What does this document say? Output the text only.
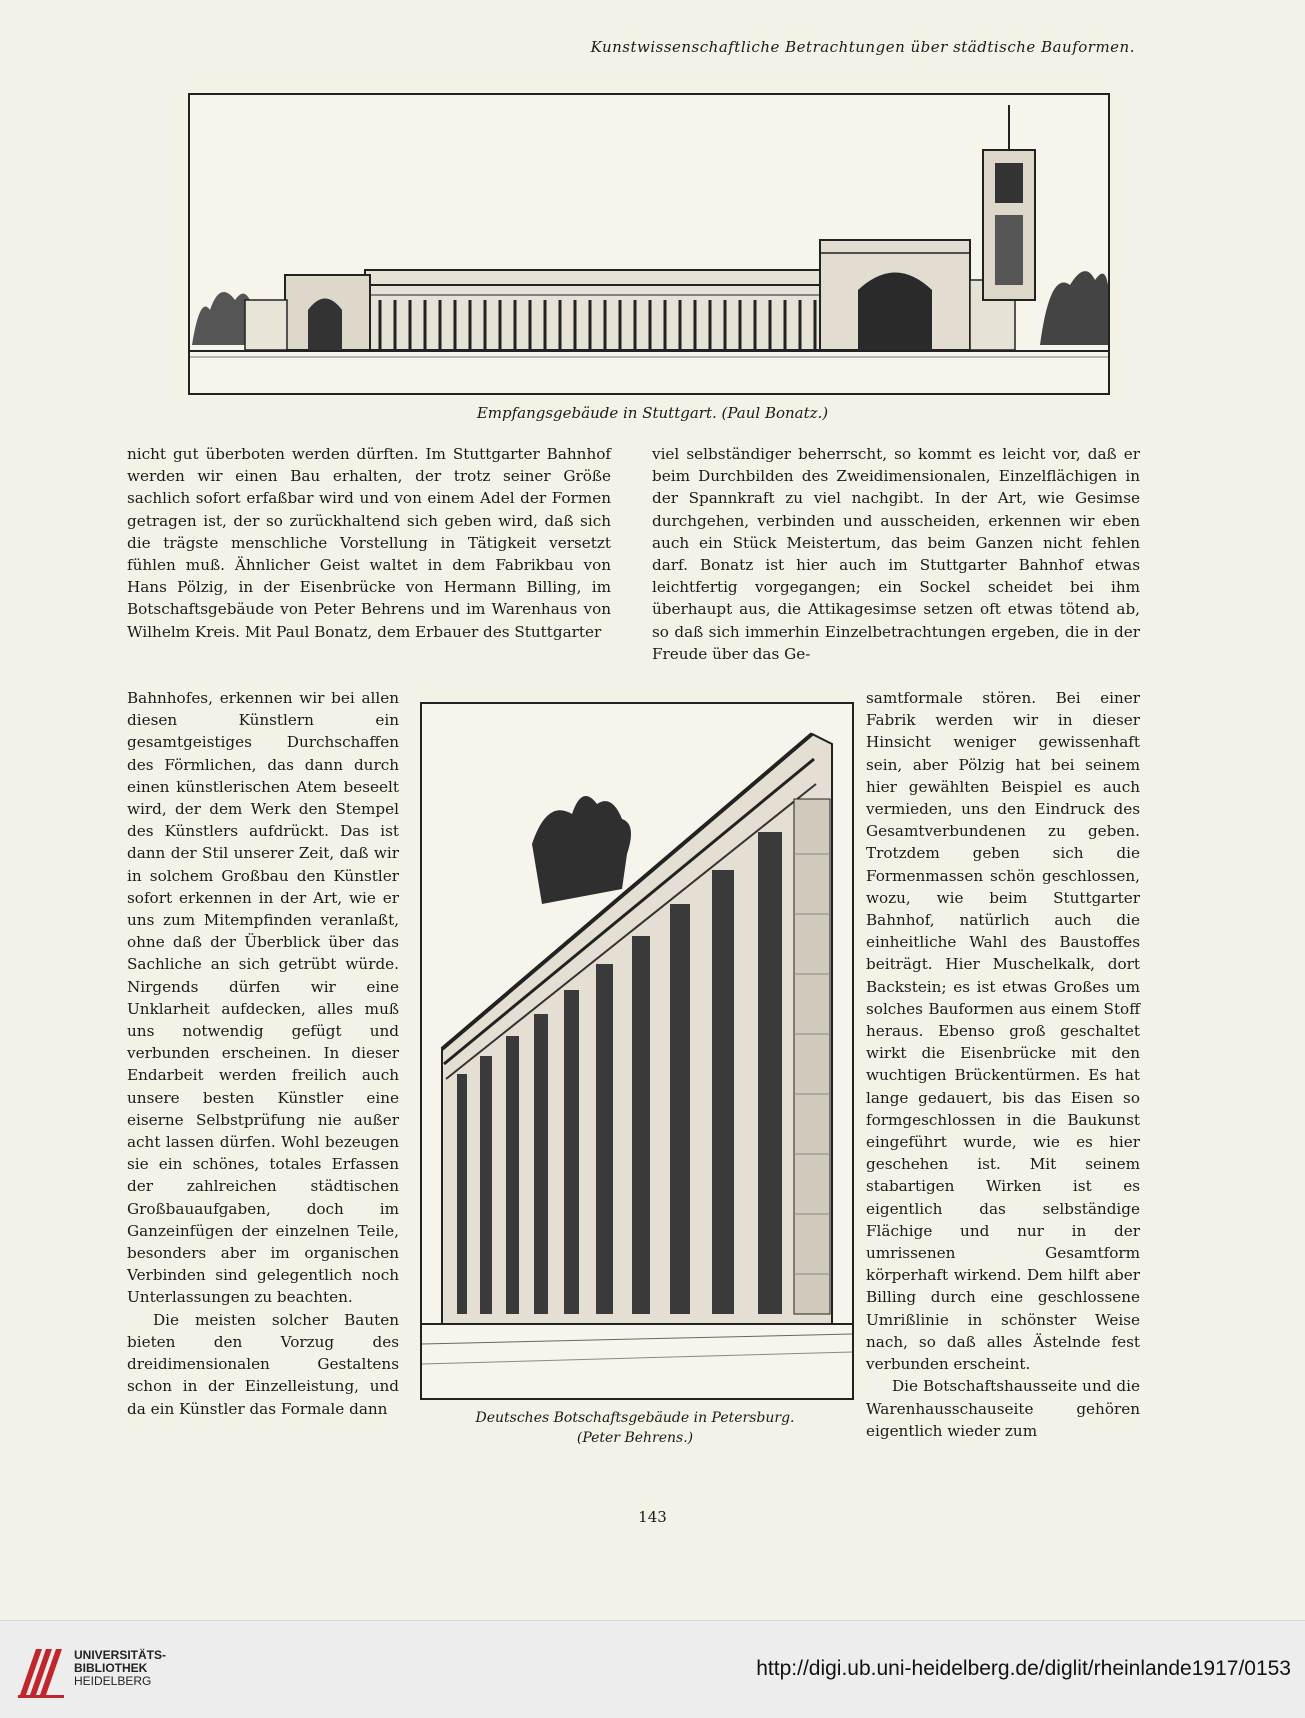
Kunstwissenschaftliche Betrachtungen über städtische Bauformen.
Empfangsgebäude in Stuttgart. (Paul Bonatz.)

nicht gut überboten werden dürften. Im Stuttgarter Bahnhof werden wir einen Bau erhalten, der trotz seiner Größe sachlich sofort erfaßbar wird und von einem Adel der Formen getragen ist, der so zurückhaltend sich geben wird, daß sich die trägste menschliche Vorstellung in Tätigkeit versetzt fühlen muß. Ähnlicher Geist waltet in dem Fabrikbau von Hans Pölzig, in der Eisenbrücke von Hermann Billing, im Botschaftsgebäude von Peter Behrens und im Warenhaus von Wilhelm Kreis. Mit Paul Bonatz, dem Erbauer des Stuttgarter

viel selbständiger beherrscht, so kommt es leicht vor, daß er beim Durchbilden des Zweidimensionalen, Einzelflächigen in der Spannkraft zu viel nachgibt. In der Art, wie Gesimse durchgehen, verbinden und ausscheiden, erkennen wir eben auch ein Stück Meistertum, das beim Ganzen nicht fehlen darf. Bonatz ist hier auch im Stuttgarter Bahnhof etwas leichtfertig vorgegangen; ein Sockel scheidet bei ihm überhaupt aus, die Attikagesimse setzen oft etwas tötend ab, so daß sich immerhin Einzelbetrachtungen ergeben, die in der Freude über das Ge-

Bahnhofes, erkennen wir bei allen diesen Künstlern ein gesamtgeistiges Durchschaffen des Förmlichen, das dann durch einen künstlerischen Atem beseelt wird, der dem Werk den Stempel des Künstlers aufdrückt. Das ist dann der Stil unserer Zeit, daß wir in solchem Großbau den Künstler sofort erkennen in der Art, wie er uns zum Mitempfinden veranlaßt, ohne daß der Überblick über das Sachliche an sich getrübt würde. Nirgends dürfen wir eine Unklarheit aufdecken, alles muß uns notwendig gefügt und verbunden erscheinen. In dieser Endarbeit werden freilich auch unsere besten Künstler eine eiserne Selbstprüfung nie außer acht lassen dürfen. Wohl bezeugen sie ein schönes, totales Erfassen der zahlreichen städtischen Großbauaufgaben, doch im Ganzeinfügen der einzelnen Teile, besonders aber im organischen Verbinden sind gelegentlich noch Unterlassungen zu beachten.

Die meisten solcher Bauten bieten den Vorzug des dreidimensionalen Gestaltens schon in der Einzelleistung, und da ein Künstler das Formale dann

Deutsches Botschaftsgebäude in Petersburg.
(Peter Behrens.)

samtformale stören. Bei einer Fabrik werden wir in dieser Hinsicht weniger gewissenhaft sein, aber Pölzig hat bei seinem hier gewählten Beispiel es auch vermieden, uns den Eindruck des Gesamtverbundenen zu geben. Trotzdem geben sich die Formenmassen schön geschlossen, wozu, wie beim Stuttgarter Bahnhof, natürlich auch die einheitliche Wahl des Baustoffes beiträgt. Hier Muschelkalk, dort Backstein; es ist etwas Großes um solches Bauformen aus einem Stoff heraus. Ebenso groß geschaltet wirkt die Eisenbrücke mit den wuchtigen Brückentürmen. Es hat lange gedauert, bis das Eisen so formgeschlossen in die Baukunst eingeführt wurde, wie es hier geschehen ist. Mit seinem stabartigen Wirken ist es eigentlich das selbständige Flächige und nur in der umrissenen Gesamtform körperhaft wirkend. Dem hilft aber Billing durch eine geschlossene Umrißlinie in schönster Weise nach, so daß alles Ästelnde fest verbunden erscheint.

Die Botschaftshausseite und die Warenhausschauseite gehören eigentlich wieder zum

143
UNIVERSITÄTS-
BIBLIOTHEK
HEIDELBERG
http://digi.ub.uni-heidelberg.de/diglit/rheinlande1917/0153
